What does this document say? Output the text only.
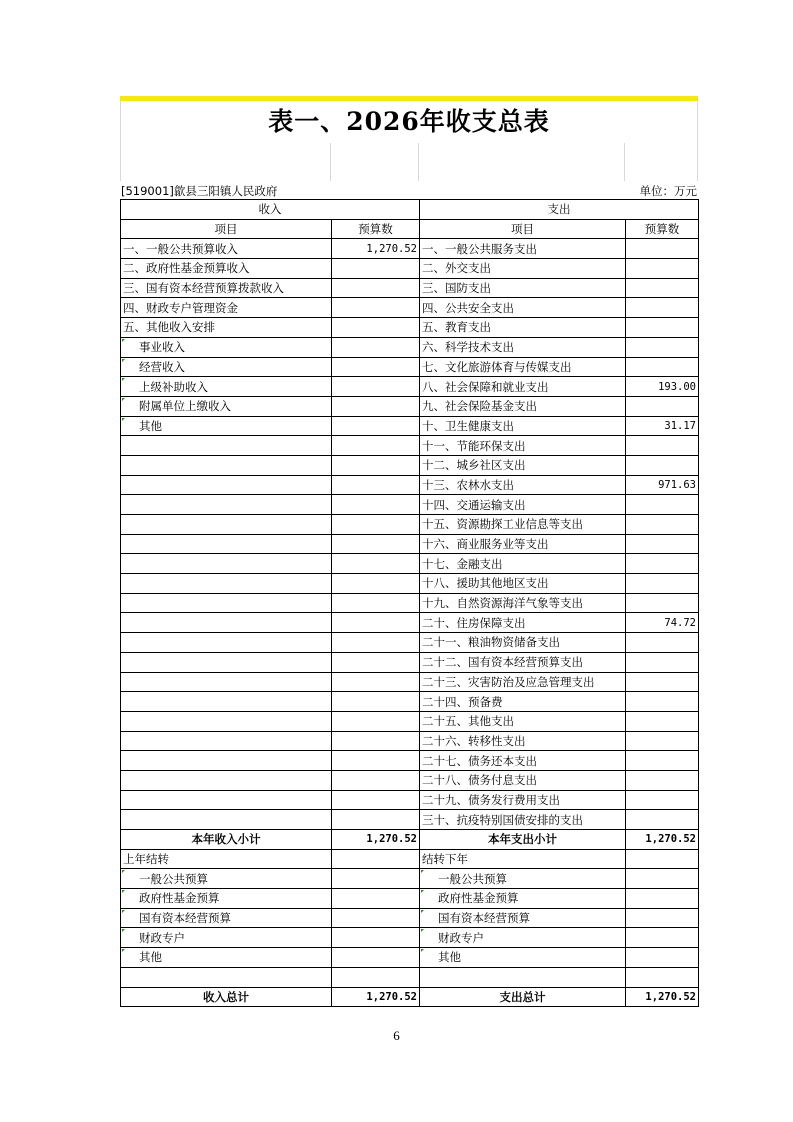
表一、2026年收支总表
[519001]歙县三阳镇人民政府	单位：万元
收入		支出	
项目	预算数	项目	预算数
一、一般公共预算收入	1,270.52	一、一般公共服务支出	
二、政府性基金预算收入		二、外交支出	
三、国有资本经营预算拨款收入		三、国防支出	
四、财政专户管理资金		四、公共安全支出	
五、其他收入安排		五、教育支出	
事业收入		六、科学技术支出	
经营收入		七、文化旅游体育与传媒支出	
上级补助收入		八、社会保障和就业支出	193.00
附属单位上缴收入		九、社会保险基金支出	
其他		十、卫生健康支出	31.17
		十一、节能环保支出	
		十二、城乡社区支出	
		十三、农林水支出	971.63
		十四、交通运输支出	
		十五、资源勘探工业信息等支出	
		十六、商业服务业等支出	
		十七、金融支出	
		十八、援助其他地区支出	
		十九、自然资源海洋气象等支出	
		二十、住房保障支出	74.72
		二十一、粮油物资储备支出	
		二十二、国有资本经营预算支出	
		二十三、灾害防治及应急管理支出	
		二十四、预备费	
		二十五、其他支出	
		二十六、转移性支出	
		二十七、债务还本支出	
		二十八、债务付息支出	
		二十九、债务发行费用支出	
		三十、抗疫特别国债安排的支出	
本年收入小计	1,270.52	本年支出小计	1,270.52
上年结转		结转下年	
一般公共预算		一般公共预算	
政府性基金预算		政府性基金预算	
国有资本经营预算		国有资本经营预算	
财政专户		财政专户	
其他		其他	

收入总计	1,270.52	支出总计	1,270.52
6
